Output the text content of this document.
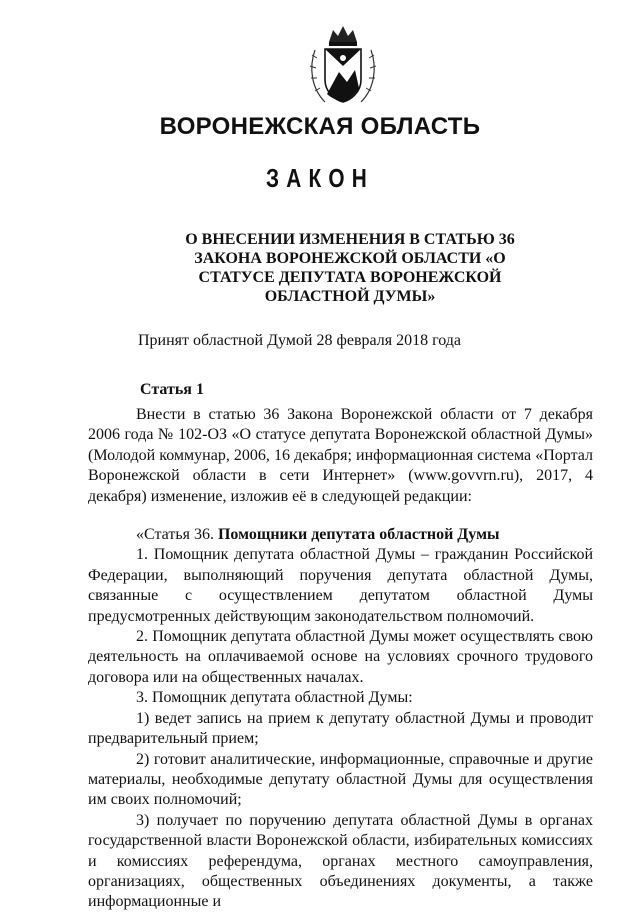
ВОРОНЕЖСКАЯ ОБЛАСТЬ
ЗАКОН
О ВНЕСЕНИИ ИЗМЕНЕНИЯ В СТАТЬЮ 36 ЗАКОНА ВОРОНЕЖСКОЙ ОБЛАСТИ «О СТАТУСЕ ДЕПУТАТА ВОРОНЕЖСКОЙ ОБЛАСТНОЙ ДУМЫ»
Принят областной Думой 28 февраля 2018 года
Статья 1

Внести в статью 36 Закона Воронежской области от 7 декабря 2006 года № 102-ОЗ «О статусе депутата Воронежской областной Думы» (Молодой коммунар, 2006, 16 декабря; информационная система «Портал Воронежской области в сети Интернет» (www.govvrn.ru), 2017, 4 декабря) изменение, изложив её в следующей редакции:

«Статья 36. Помощники депутата областной Думы

1. Помощник депутата областной Думы – гражданин Российской Федерации, выполняющий поручения депутата областной Думы, связанные с осуществлением депутатом областной Думы предусмотренных действующим законодательством полномочий.

2. Помощник депутата областной Думы может осуществлять свою деятельность на оплачиваемой основе на условиях срочного трудового договора или на общественных началах.

3. Помощник депутата областной Думы:

1) ведет запись на прием к депутату областной Думы и проводит предварительный прием;

2) готовит аналитические, информационные, справочные и другие материалы, необходимые депутату областной Думы для осуществления им своих полномочий;

3) получает по поручению депутата областной Думы в органах государственной власти Воронежской области, избирательных комиссиях и комиссиях референдума, органах местного самоуправления, организациях, общественных объединениях документы, а также информационные и
